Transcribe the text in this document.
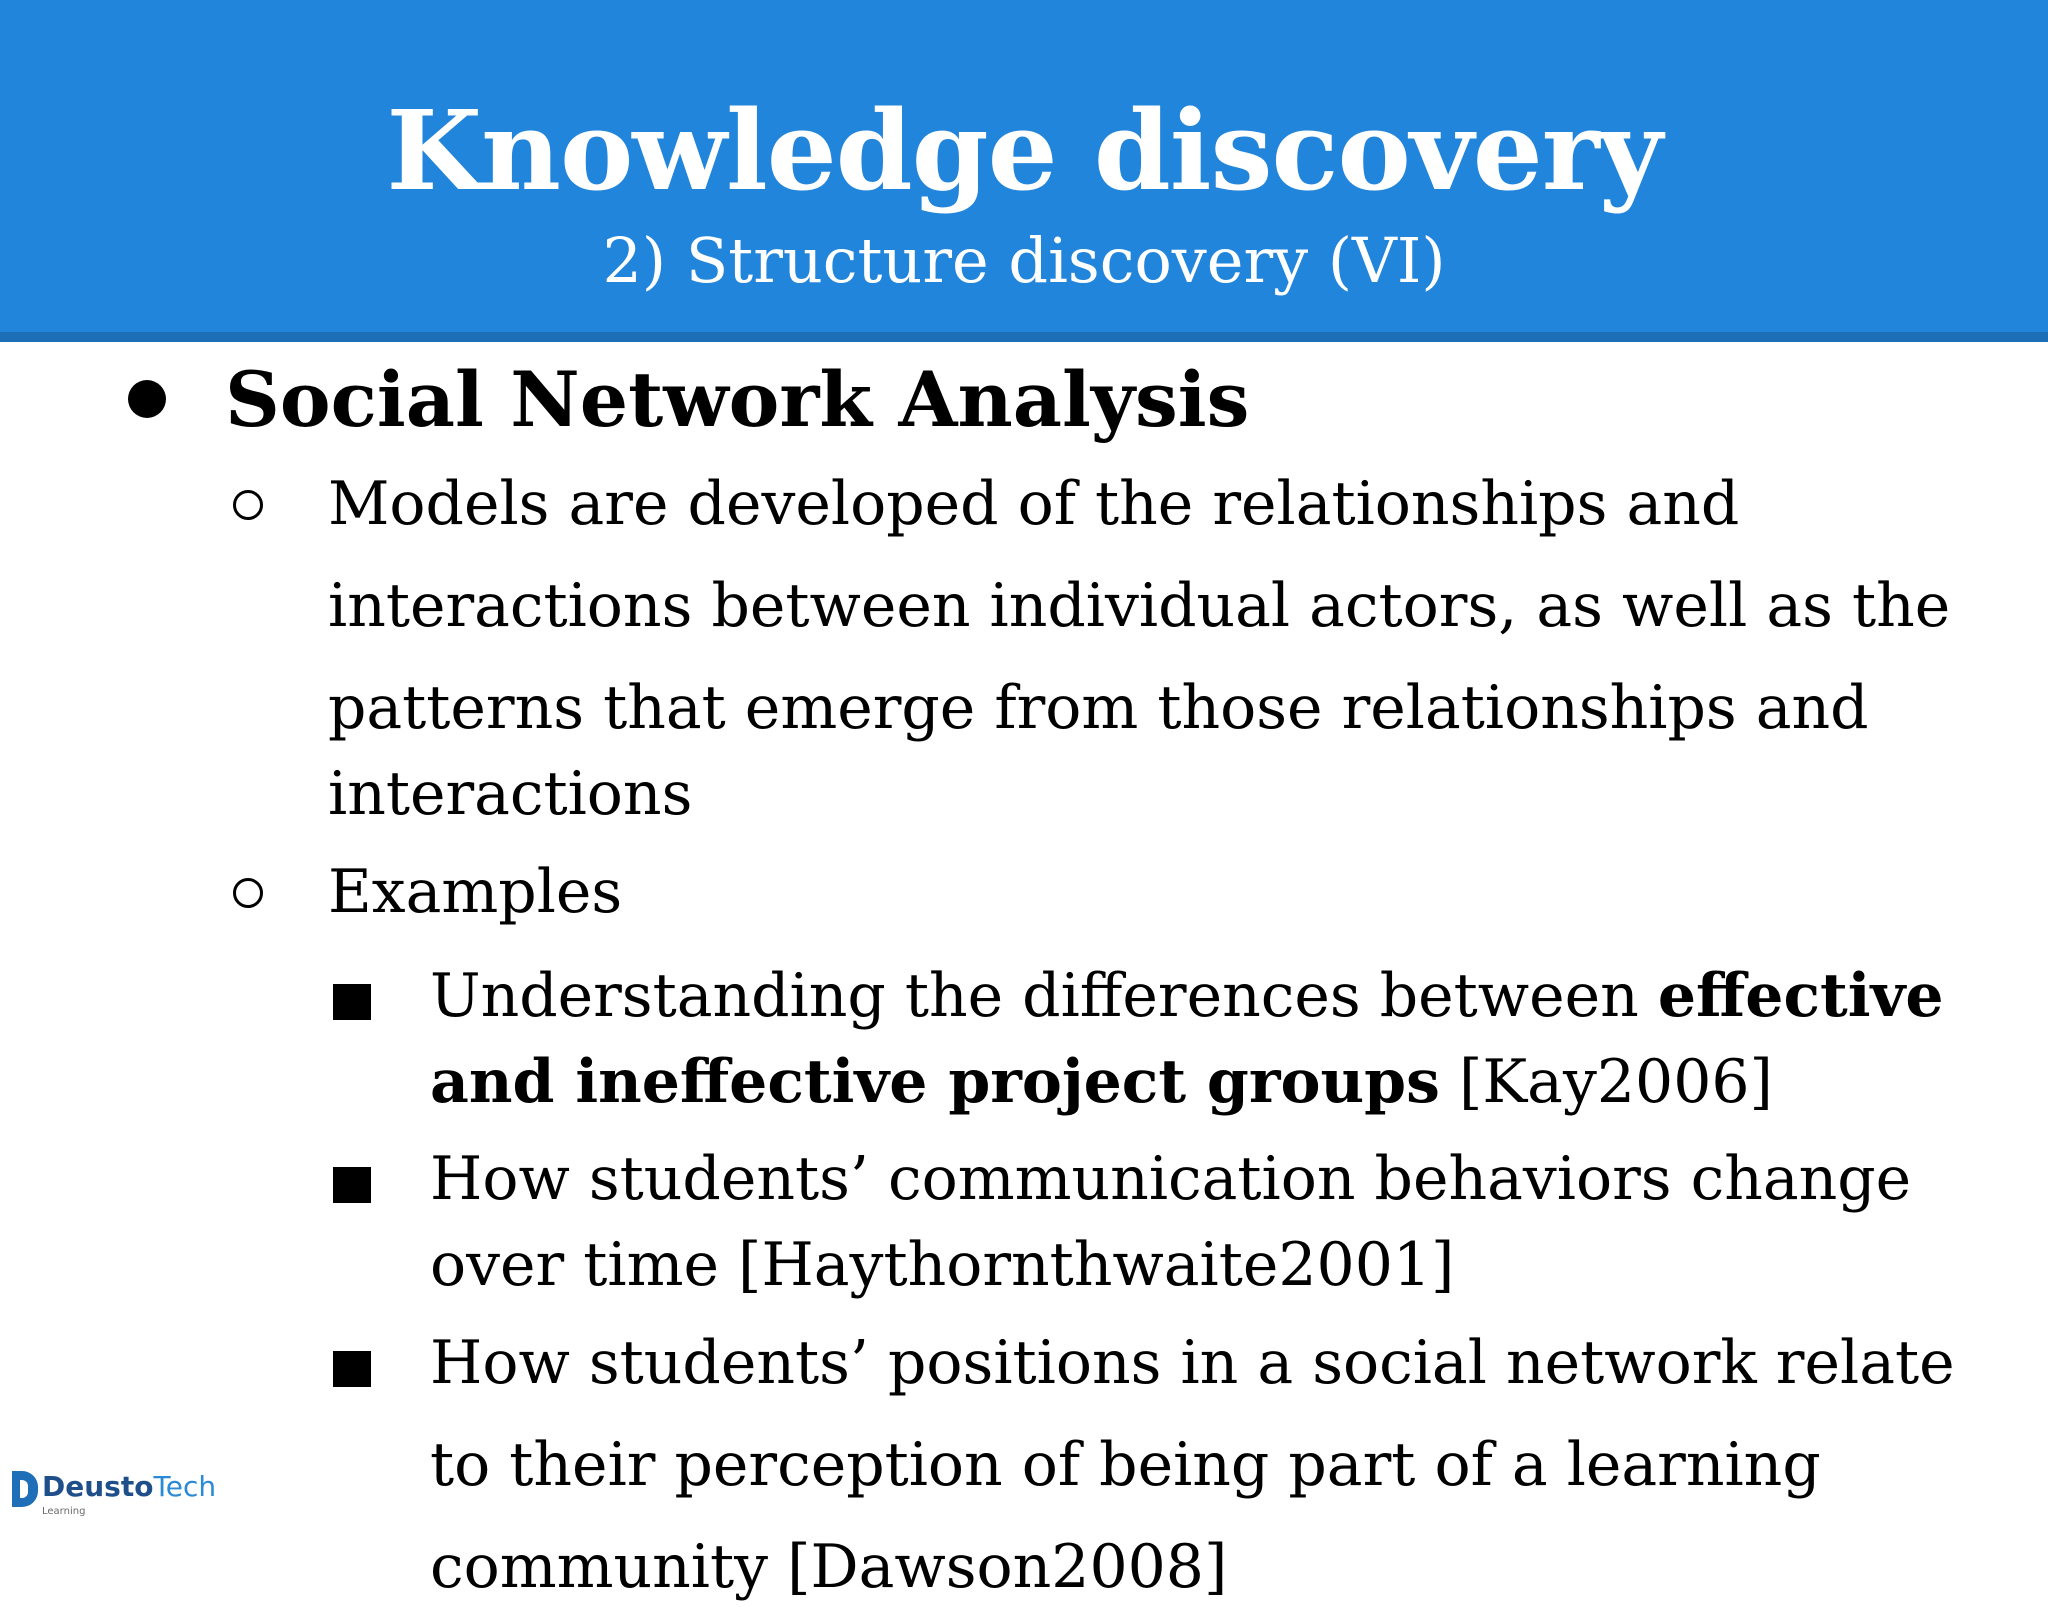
Knowledge discovery
2) Structure discovery (VI)
Social Network Analysis
Models are developed of the relationships and
interactions between individual actors, as well as the
patterns that emerge from those relationships and
interactions
Examples
Understanding the differences between effective
and ineffective project groups [Kay2006]
How students’ communication behaviors change
over time [Haythornthwaite2001]
How students’ positions in a social network relate
to their perception of being part of a learning
community [Dawson2008]
DeustoTech
Learning
